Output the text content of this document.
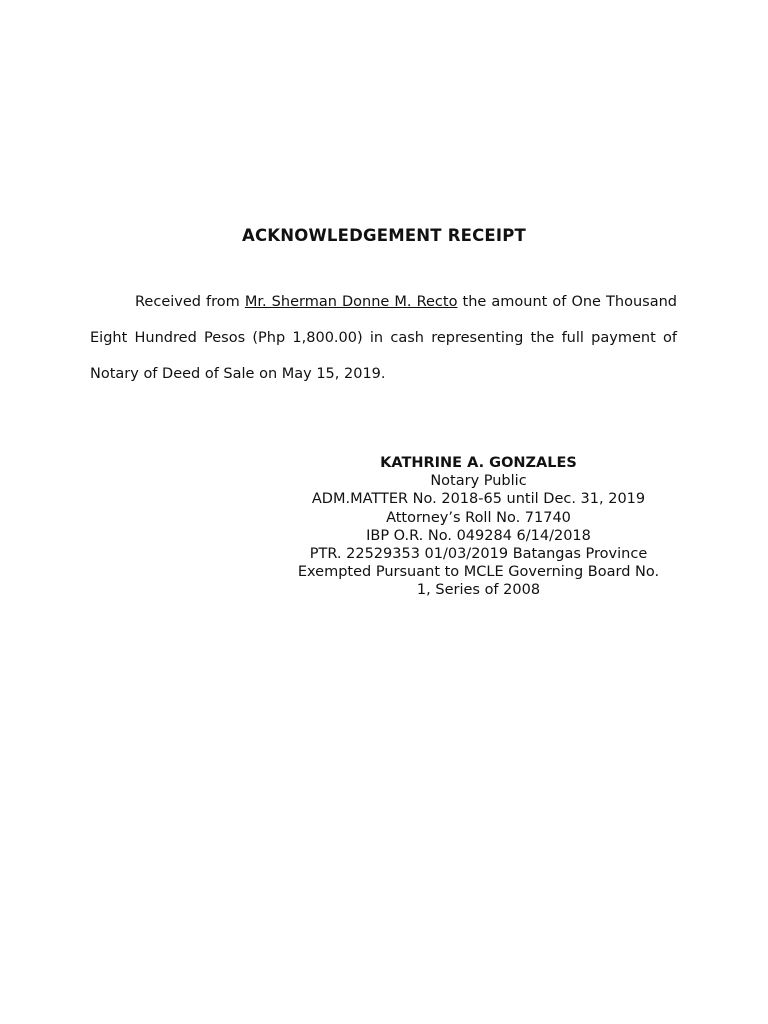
ACKNOWLEDGEMENT RECEIPT
Received from Mr. Sherman Donne M. Recto the amount of One Thousand Eight Hundred Pesos (Php 1,800.00) in cash representing the full payment of Notary of Deed of Sale on May 15, 2019.
KATHRINE A. GONZALES
Notary Public
ADM.MATTER No. 2018-65 until Dec. 31, 2019
Attorney’s Roll No. 71740
IBP O.R. No. 049284 6/14/2018
PTR. 22529353 01/03/2019 Batangas Province
Exempted Pursuant to MCLE Governing Board No.
1, Series of 2008
